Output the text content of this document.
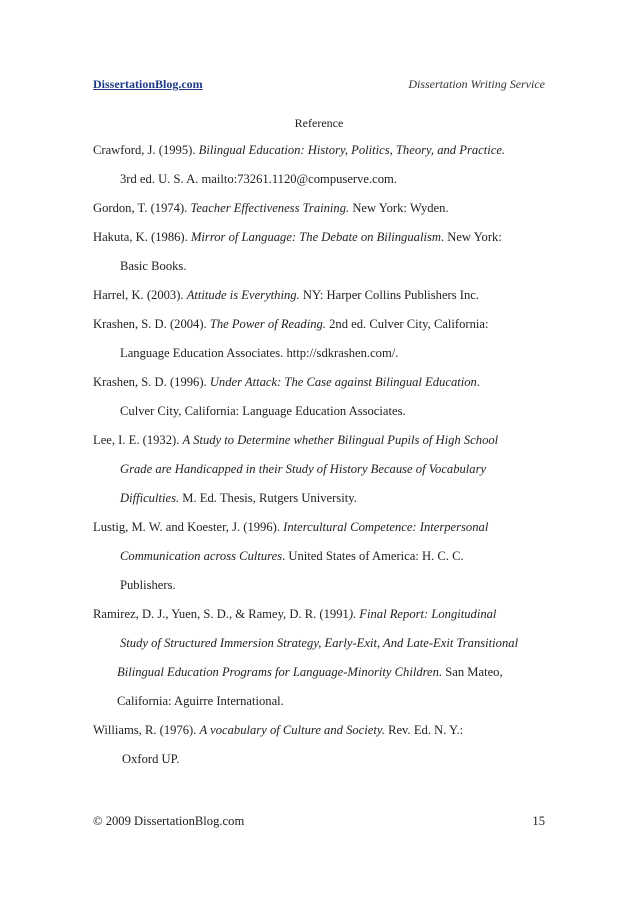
DissertationBlog.com	Dissertation Writing Service
Reference
Crawford, J. (1995). Bilingual Education: History, Politics, Theory, and Practice.
3rd ed. U. S. A. mailto:73261.1120@compuserve.com.
Gordon, T. (1974). Teacher Effectiveness Training. New York: Wyden.
Hakuta, K. (1986). Mirror of Language: The Debate on Bilingualism. New York:
Basic Books.
Harrel, K. (2003). Attitude is Everything. NY: Harper Collins Publishers Inc.
Krashen, S. D. (2004). The Power of Reading. 2nd ed. Culver City, California:
Language Education Associates. http://sdkrashen.com/.
Krashen, S. D. (1996). Under Attack: The Case against Bilingual Education.
Culver City, California: Language Education Associates.
Lee, I. E. (1932). A Study to Determine whether Bilingual Pupils of High School
Grade are Handicapped in their Study of History Because of Vocabulary
Difficulties. M. Ed. Thesis, Rutgers University.
Lustig, M. W. and Koester, J. (1996). Intercultural Competence: Interpersonal
Communication across Cultures. United States of America: H. C. C.
Publishers.
Ramirez, D. J., Yuen, S. D., & Ramey, D. R. (1991). Final Report: Longitudinal
Study of Structured Immersion Strategy, Early-Exit, And Late-Exit Transitional
Bilingual Education Programs for Language-Minority Children. San Mateo,
California: Aguirre International.
Williams, R. (1976). A vocabulary of Culture and Society. Rev. Ed. N. Y.:
Oxford UP.
© 2009 DissertationBlog.com	15
